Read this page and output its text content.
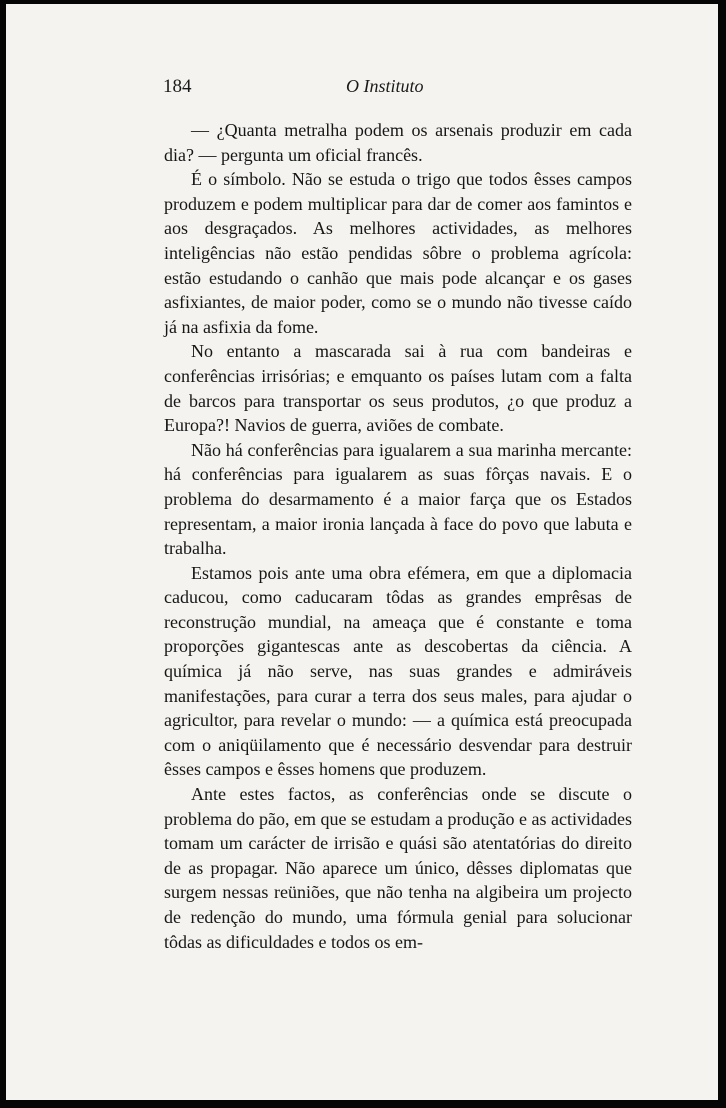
184	O Instituto

— ¿Quanta metralha podem os arsenais produzir em cada dia? — pergunta um oficial francês.

É o símbolo. Não se estuda o trigo que todos êsses campos produzem e podem multiplicar para dar de comer aos famintos e aos desgraçados. As melhores actividades, as melhores inteligências não estão pendidas sôbre o problema agrícola: estão estudando o canhão que mais pode alcançar e os gases asfixiantes, de maior poder, como se o mundo não tivesse caído já na asfixia da fome.

No entanto a mascarada sai à rua com bandeiras e conferências irrisórias; e emquanto os países lutam com a falta de barcos para transportar os seus produtos, ¿o que produz a Europa?! Navios de guerra, aviões de combate.

Não há conferências para igualarem a sua marinha mercante: há conferências para igualarem as suas fôrças navais. E o problema do desarmamento é a maior farça que os Estados representam, a maior ironia lançada à face do povo que labuta e trabalha.

Estamos pois ante uma obra efémera, em que a diplomacia caducou, como caducaram tôdas as grandes emprêsas de reconstrução mundial, na ameaça que é constante e toma proporções gigantescas ante as descobertas da ciência. A química já não serve, nas suas grandes e admiráveis manifestações, para curar a terra dos seus males, para ajudar o agricultor, para revelar o mundo: — a química está preocupada com o aniqüilamento que é necessário desvendar para destruir êsses campos e êsses homens que produzem.

Ante estes factos, as conferências onde se discute o problema do pão, em que se estudam a produção e as actividades tomam um carácter de irrisão e quási são atentatórias do direito de as propagar. Não aparece um único, dêsses diplomatas que surgem nessas reüniões, que não tenha na algibeira um projecto de redenção do mundo, uma fórmula genial para solucionar tôdas as dificuldades e todos os em-
